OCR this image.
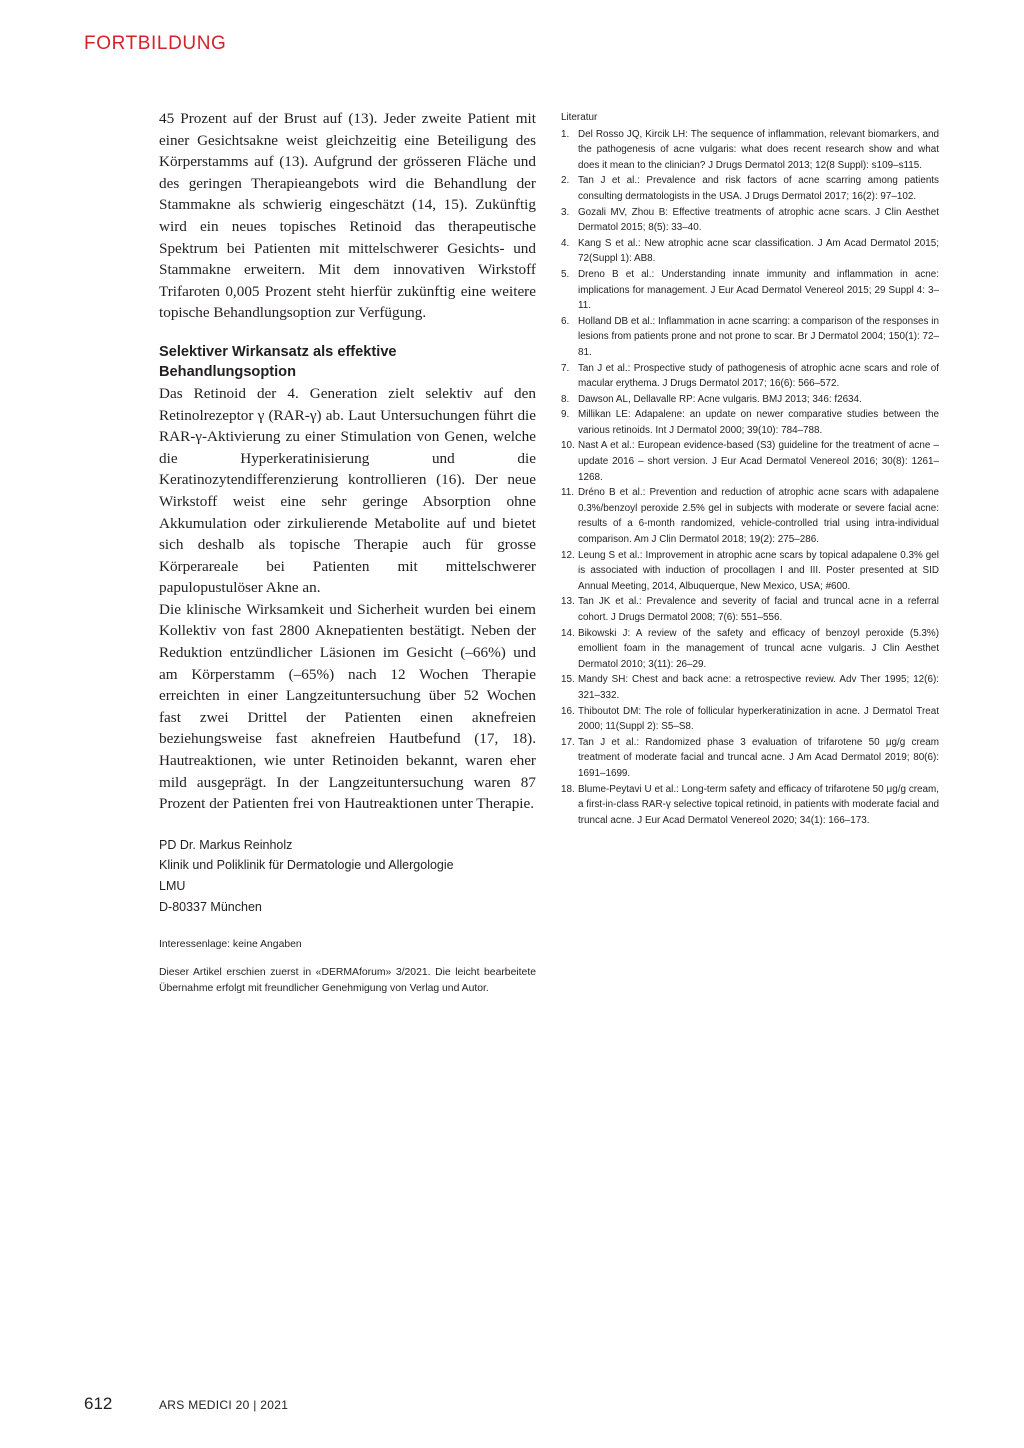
FORTBILDUNG

45 Prozent auf der Brust auf (13). Jeder zweite Patient mit einer Gesichtsakne weist gleichzeitig eine Beteiligung des Körperstamms auf (13). Aufgrund der grösseren Fläche und des geringen Therapieangebots wird die Behandlung der Stammakne als schwierig eingeschätzt (14, 15). Zukünftig wird ein neues topisches Retinoid das therapeutische Spektrum bei Patienten mit mittelschwerer Gesichts- und Stammakne erweitern. Mit dem innovativen Wirkstoff Trifaroten 0,005 Prozent steht hierfür zukünftig eine weitere topische Behandlungsoption zur Verfügung.

Selektiver Wirkansatz als effektive Behandlungsoption

Das Retinoid der 4. Generation zielt selektiv auf den Retinolrezeptor γ (RAR-γ) ab. Laut Untersuchungen führt die RAR-γ-Aktivierung zu einer Stimulation von Genen, welche die Hyperkeratinisierung und die Keratinozytendifferenzierung kontrollieren (16). Der neue Wirkstoff weist eine sehr geringe Absorption ohne Akkumulation oder zirkulierende Metabolite auf und bietet sich deshalb als topische Therapie auch für grosse Körperareale bei Patienten mit mittelschwerer papulopustulöser Akne an.

Die klinische Wirksamkeit und Sicherheit wurden bei einem Kollektiv von fast 2800 Aknepatienten bestätigt. Neben der Reduktion entzündlicher Läsionen im Gesicht (–66%) und am Körperstamm (–65%) nach 12 Wochen Therapie erreichten in einer Langzeituntersuchung über 52 Wochen fast zwei Drittel der Patienten einen aknefreien beziehungsweise fast aknefreien Hautbefund (17, 18). Hautreaktionen, wie unter Retinoiden bekannt, waren eher mild ausgeprägt. In der Langzeituntersuchung waren 87 Prozent der Patienten frei von Hautreaktionen unter Therapie.

PD Dr. Markus Reinholz

Klinik und Poliklinik für Dermatologie und Allergologie

LMU

D-80337 München

Interessenlage: keine Angaben

Dieser Artikel erschien zuerst in «DERMAforum» 3/2021. Die leicht bearbeitete Übernahme erfolgt mit freundlicher Genehmigung von Verlag und Autor.

Literatur
1. Del Rosso JQ, Kircik LH: The sequence of inflammation, relevant biomarkers, and the pathogenesis of acne vulgaris: what does recent research show and what does it mean to the clinician? J Drugs Dermatol 2013; 12(8 Suppl): s109–s115.
2. Tan J et al.: Prevalence and risk factors of acne scarring among patients consulting dermatologists in the USA. J Drugs Dermatol 2017; 16(2): 97–102.
3. Gozali MV, Zhou B: Effective treatments of atrophic acne scars. J Clin Aesthet Dermatol 2015; 8(5): 33–40.
4. Kang S et al.: New atrophic acne scar classification. J Am Acad Dermatol 2015; 72(Suppl 1): AB8.
5. Dreno B et al.: Understanding innate immunity and inflammation in acne: implications for management. J Eur Acad Dermatol Venereol 2015; 29 Suppl 4: 3–11.
6. Holland DB et al.: Inflammation in acne scarring: a comparison of the responses in lesions from patients prone and not prone to scar. Br J Dermatol 2004; 150(1): 72–81.
7. Tan J et al.: Prospective study of pathogenesis of atrophic acne scars and role of macular erythema. J Drugs Dermatol 2017; 16(6): 566–572.
8. Dawson AL, Dellavalle RP: Acne vulgaris. BMJ 2013; 346: f2634.
9. Millikan LE: Adapalene: an update on newer comparative studies between the various retinoids. Int J Dermatol 2000; 39(10): 784–788.
10. Nast A et al.: European evidence-based (S3) guideline for the treatment of acne – update 2016 – short version. J Eur Acad Dermatol Venereol 2016; 30(8): 1261–1268.
11. Dréno B et al.: Prevention and reduction of atrophic acne scars with adapalene 0.3%/benzoyl peroxide 2.5% gel in subjects with moderate or severe facial acne: results of a 6-month randomized, vehicle-controlled trial using intra-individual comparison. Am J Clin Dermatol 2018; 19(2): 275–286.
12. Leung S et al.: Improvement in atrophic acne scars by topical adapalene 0.3% gel is associated with induction of procollagen I and III. Poster presented at SID Annual Meeting, 2014, Albuquerque, New Mexico, USA; #600.
13. Tan JK et al.: Prevalence and severity of facial and truncal acne in a referral cohort. J Drugs Dermatol 2008; 7(6): 551–556.
14. Bikowski J: A review of the safety and efficacy of benzoyl peroxide (5.3%) emollient foam in the management of truncal acne vulgaris. J Clin Aesthet Dermatol 2010; 3(11): 26–29.
15. Mandy SH: Chest and back acne: a retrospective review. Adv Ther 1995; 12(6): 321–332.
16. Thiboutot DM: The role of follicular hyperkeratinization in acne. J Dermatol Treat 2000; 11(Suppl 2): S5–S8.
17. Tan J et al.: Randomized phase 3 evaluation of trifarotene 50 μg/g cream treatment of moderate facial and truncal acne. J Am Acad Dermatol 2019; 80(6): 1691–1699.
18. Blume-Peytavi U et al.: Long-term safety and efficacy of trifarotene 50 μg/g cream, a first-in-class RAR-γ selective topical retinoid, in patients with moderate facial and truncal acne. J Eur Acad Dermatol Venereol 2020; 34(1): 166–173.
612	ARS MEDICI 20 | 2021
